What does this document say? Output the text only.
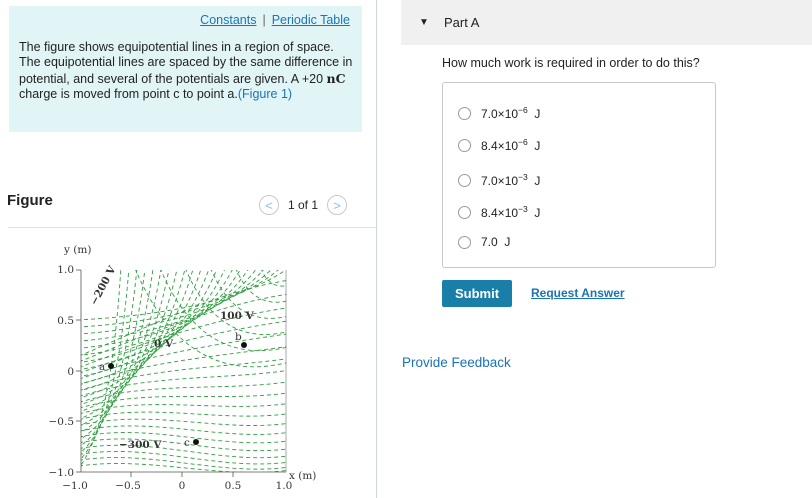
Constants | Periodic Table
The figure shows equipotential lines in a region of space. The equipotential lines are spaced by the same difference in potential, and several of the potentials are given. A +20 nC charge is moved from point c to point a.(Figure 1)
Figure	< 1 of 1 >
y (m)
x (m)
1.0
0.5
0
−0.5
−1.0
−1.0	−0.5	0	0.5	1.0
−200 V
0 V
100 V
−300 V
a
b
c
▼ Part A
How much work is required in order to do this?
$7.0\times 10^{-6}$ J
$8.4\times 10^{-6}$ J
$7.0\times 10^{-3}$ J
$8.4\times 10^{-3}$ J
7.0 J
Submit	Request Answer
Provide Feedback
